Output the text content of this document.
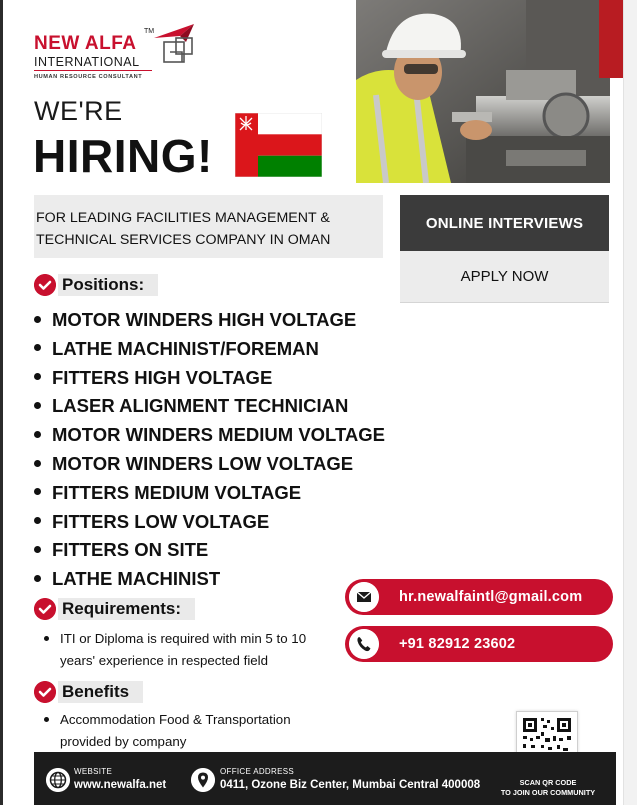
NEW ALFA
TM
INTERNATIONAL
HUMAN RESOURCE CONSULTANT
WE'RE
HIRING!
FOR LEADING FACILITIES MANAGEMENT &
TECHNICAL SERVICES COMPANY IN OMAN
ONLINE INTERVIEWS
APPLY NOW
Positions:
MOTOR WINDERS HIGH VOLTAGE
LATHE MACHINIST/FOREMAN
FITTERS HIGH VOLTAGE
LASER ALIGNMENT TECHNICIAN
MOTOR WINDERS MEDIUM VOLTAGE
MOTOR WINDERS LOW VOLTAGE
FITTERS MEDIUM VOLTAGE
FITTERS LOW VOLTAGE
FITTERS ON SITE
LATHE MACHINIST
Requirements:
ITI or Diploma is required with min 5 to 10 years' experience in respected field
Benefits
Accommodation Food & Transportation provided by company
hr.newalfaintl@gmail.com
+91 82912 23602
WEBSITE
www.newalfa.net
OFFICE ADDRESS
0411, Ozone Biz Center, Mumbai Central 400008	SCAN QR CODE
TO JOIN OUR COMMUNITY
